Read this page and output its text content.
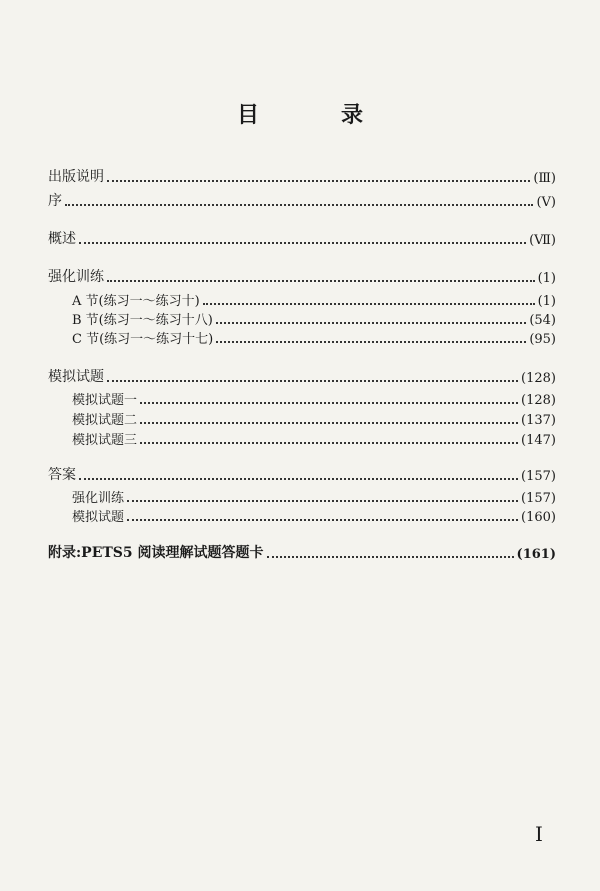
目　录
出版说明	(Ⅲ)
序	(Ⅴ)
概述	(Ⅶ)
强化训练	(1)
A 节(练习一～练习十)	(1)
B 节(练习一～练习十八)	(54)
C 节(练习一～练习十七)	(95)
模拟试题	(128)
模拟试题一	(128)
模拟试题二	(137)
模拟试题三	(147)
答案	(157)
强化训练	(157)
模拟试题	(160)
附录:PETS5 阅读理解试题答题卡	(161)
Ⅰ
